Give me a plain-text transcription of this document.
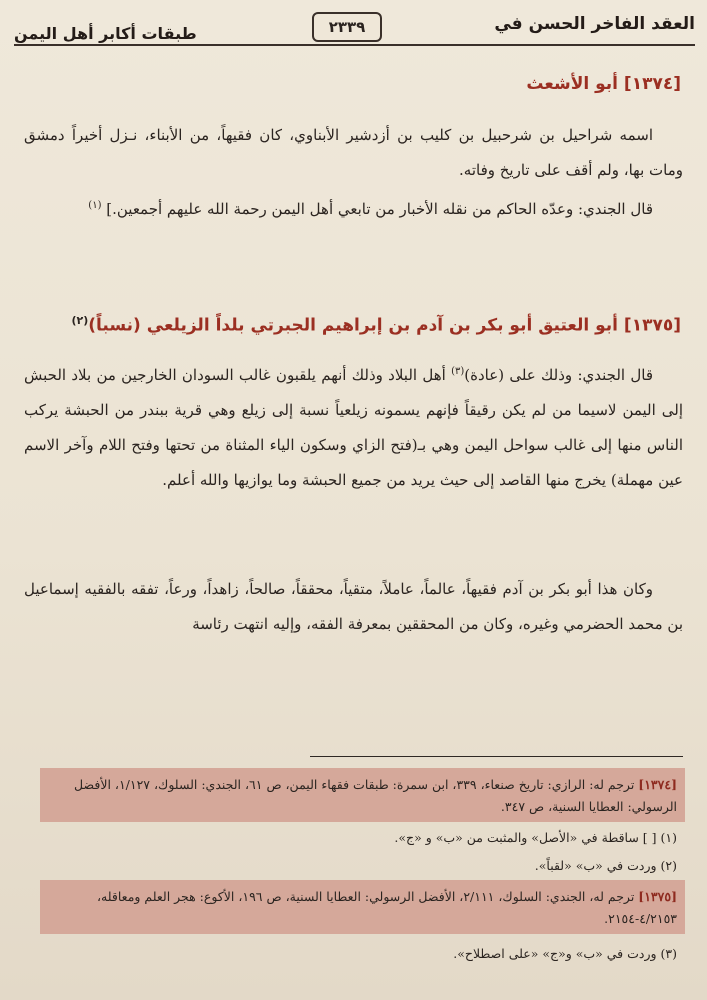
العقد الفاخر الحسن في
٢٣٣٩
طبقات أكابر أهل اليمن
[١٣٧٤] أبو الأشعث
اسمه شراحيل بن شرحبيل بن كليب بن أزدشير الأبناوي، كان فقيهاً، من الأبناء، نـزل أخيراً دمشق ومات بها، ولم أقف على تاريخ وفاته.
قال الجندي: وعدّه الحاكم من نقله الأخبار من تابعي أهل اليمن رحمة الله عليهم أجمعين.] $^{(١)}$
[١٣٧٥] أبو العتيق أبو بكر بن آدم بن إبراهيم الجبرتي بلداً الزيلعي (نسباً)$^{(٢)}$
قال الجندي: وذلك على (عادة)$^{(٣)}$ أهل البلاد وذلك أنهم يلقبون غالب السودان الخارجين من بلاد الحبش إلى اليمن لاسيما من لم يكن رقيقاً فإنهم يسمونه زيلعياً نسبة إلى زيلع وهي قرية ببندر من الحبشة يركب الناس منها إلى غالب سواحل اليمن وهي بـ(فتح الزاي وسكون الياء المثناة من تحتها وفتح اللام وآخر الاسم عين مهملة) يخرج منها القاصد إلى حيث يريد من جميع الحبشة وما يوازيها والله أعلم.
وكان هذا أبو بكر بن آدم فقيهاً، عالماً، عاملاً، متقياً، محققاً، صالحاً، زاهداً، ورعاً، تفقه بالفقيه إسماعيل بن محمد الحضرمي وغيره، وكان من المحققين بمعرفة الفقه، وإليه انتهت رئاسة
[١٣٧٤] ترجم له: الرازي: تاريخ صنعاء، ٣٣٩، ابن سمرة: طبقات فقهاء اليمن، ص ٦١، الجندي: السلوك، ١/١٢٧، الأفضل الرسولي: العطايا السنية، ص ٣٤٧.
(١) [ ] ساقطة في «الأصل» والمثبت من «ب» و «ج».
(٢) وردت في «ب» «لقباً».
[١٣٧٥] ترجم له، الجندي: السلوك، ٢/١١١، الأفضل الرسولي: العطايا السنية، ص ١٩٦، الأكوع: هجر العلم ومعاقله، ٤/٢١٥٣-٢١٥٤.
(٣) وردت في «ب» و«ج» «على اصطلاح».
